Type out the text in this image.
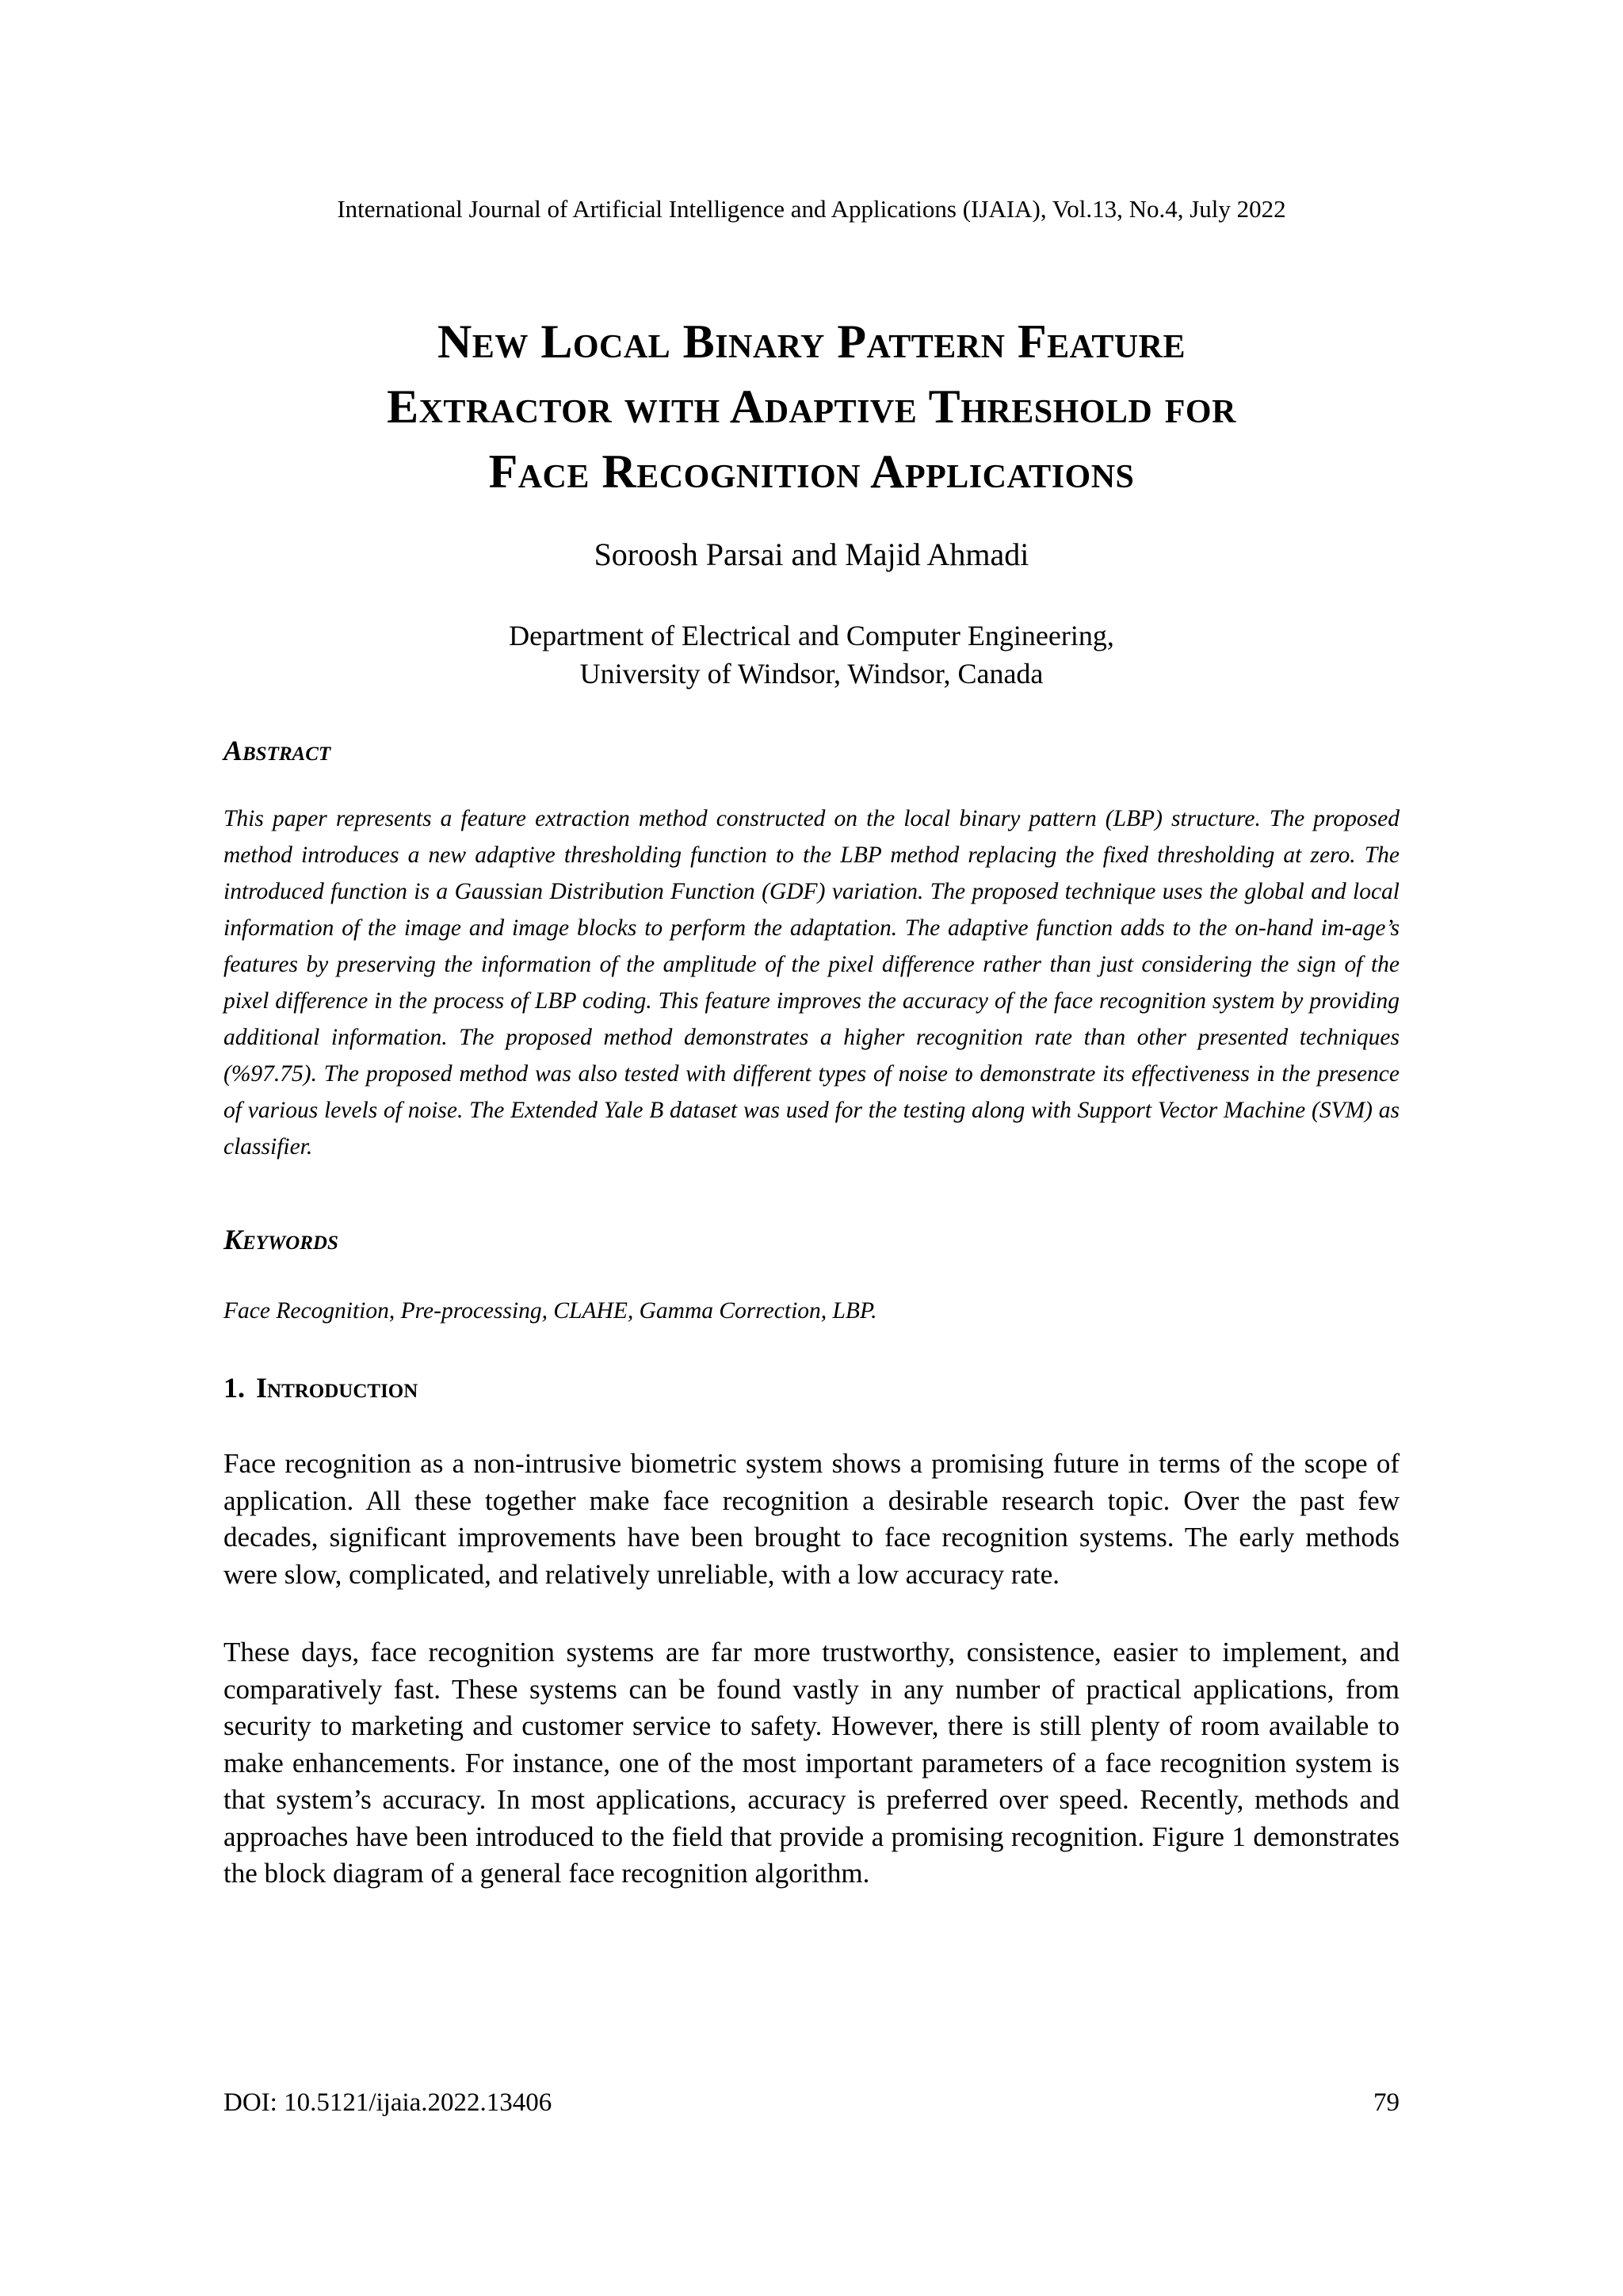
International Journal of Artificial Intelligence and Applications (IJAIA), Vol.13, No.4, July 2022
New Local Binary Pattern Feature
Extractor with Adaptive Threshold for
Face Recognition Applications
Soroosh Parsai and Majid Ahmadi
Department of Electrical and Computer Engineering,
University of Windsor, Windsor, Canada
Abstract
This paper represents a feature extraction method constructed on the local binary pattern (LBP) structure. The proposed method introduces a new adaptive thresholding function to the LBP method replacing the fixed thresholding at zero. The introduced function is a Gaussian Distribution Function (GDF) variation. The proposed technique uses the global and local information of the image and image blocks to perform the adaptation. The adaptive function adds to the on-hand im-age’s features by preserving the information of the amplitude of the pixel difference rather than just considering the sign of the pixel difference in the process of LBP coding. This feature improves the accuracy of the face recognition system by providing additional information. The proposed method demonstrates a higher recognition rate than other presented techniques (%97.75). The proposed method was also tested with different types of noise to demonstrate its effectiveness in the presence of various levels of noise. The Extended Yale B dataset was used for the testing along with Support Vector Machine (SVM) as classifier.
Keywords
Face Recognition, Pre-processing, CLAHE, Gamma Correction, LBP.
1. Introduction
Face recognition as a non-intrusive biometric system shows a promising future in terms of the scope of application. All these together make face recognition a desirable research topic. Over the past few decades, significant improvements have been brought to face recognition systems. The early methods were slow, complicated, and relatively unreliable, with a low accuracy rate.
These days, face recognition systems are far more trustworthy, consistence, easier to implement, and comparatively fast. These systems can be found vastly in any number of practical applications, from security to marketing and customer service to safety. However, there is still plenty of room available to make enhancements. For instance, one of the most important parameters of a face recognition system is that system’s accuracy. In most applications, accuracy is preferred over speed. Recently, methods and approaches have been introduced to the field that provide a promising recognition. Figure 1 demonstrates the block diagram of a general face recognition algorithm.
DOI: 10.5121/ijaia.2022.13406	79
